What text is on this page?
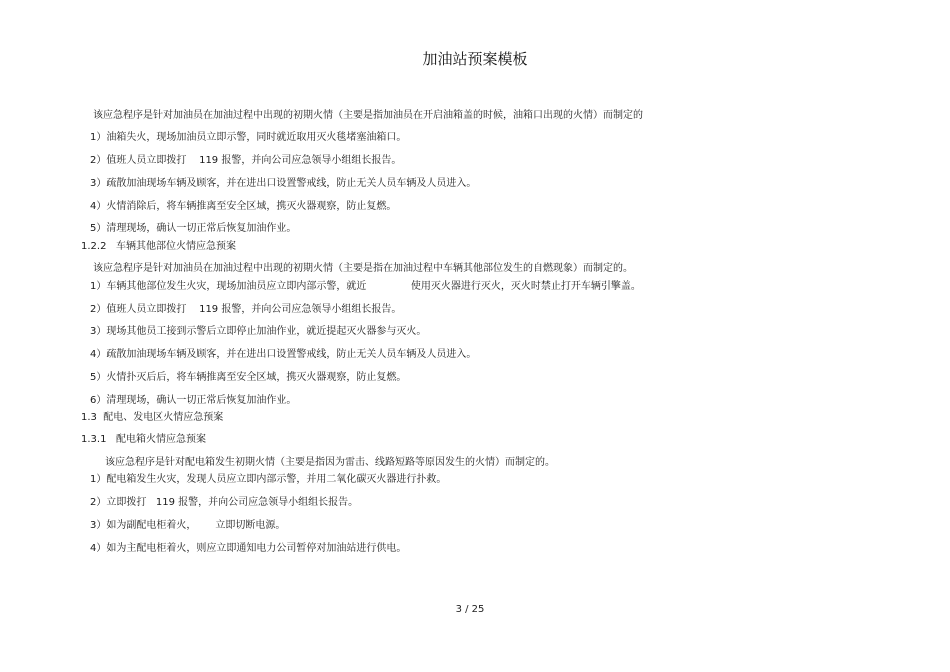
加油站预案模板
该应急程序是针对加油员在加油过程中出现的初期火情（主要是指加油员在开启油箱盖的时候，油箱口出现的火情）而制定的
1）油箱失火，现场加油员立即示警，同时就近取用灭火毯堵塞油箱口。
2）值班人员立即拨打    119 报警，并向公司应急领导小组组长报告。
3）疏散加油现场车辆及顾客，并在进出口设置警戒线，防止无关人员车辆及人员进入。
4）火情消除后，将车辆推离至安全区域，携灭火器观察，防止复燃。
5）清理现场，确认一切正常后恢复加油作业。
1.2.2   车辆其他部位火情应急预案
该应急程序是针对加油员在加油过程中出现的初期火情（主要是指在加油过程中车辆其他部位发生的自燃现象）而制定的。
1）车辆其他部位发生火灾，现场加油员应立即内部示警，就近              使用灭火器进行灭火，灭火时禁止打开车辆引擎盖。
2）值班人员立即拨打    119 报警，并向公司应急领导小组组长报告。
3）现场其他员工接到示警后立即停止加油作业，就近提起灭火器参与灭火。
4）疏散加油现场车辆及顾客，并在进出口设置警戒线，防止无关人员车辆及人员进入。
5）火情扑灭后后，将车辆推离至安全区域，携灭火器观察，防止复燃。
6）清理现场，确认一切正常后恢复加油作业。
1.3  配电、发电区火情应急预案
1.3.1   配电箱火情应急预案
该应急程序是针对配电箱发生初期火情（主要是指因为雷击、线路短路等原因发生的火情）而制定的。
1）配电箱发生火灾，发现人员应立即内部示警，并用二氧化碳灭火器进行扑救。
2）立即拨打   119 报警，并向公司应急领导小组组长报告。
3）如为副配电柜着火，      立即切断电源。
4）如为主配电柜着火，则应立即通知电力公司暂停对加油站进行供电。
3 / 25
